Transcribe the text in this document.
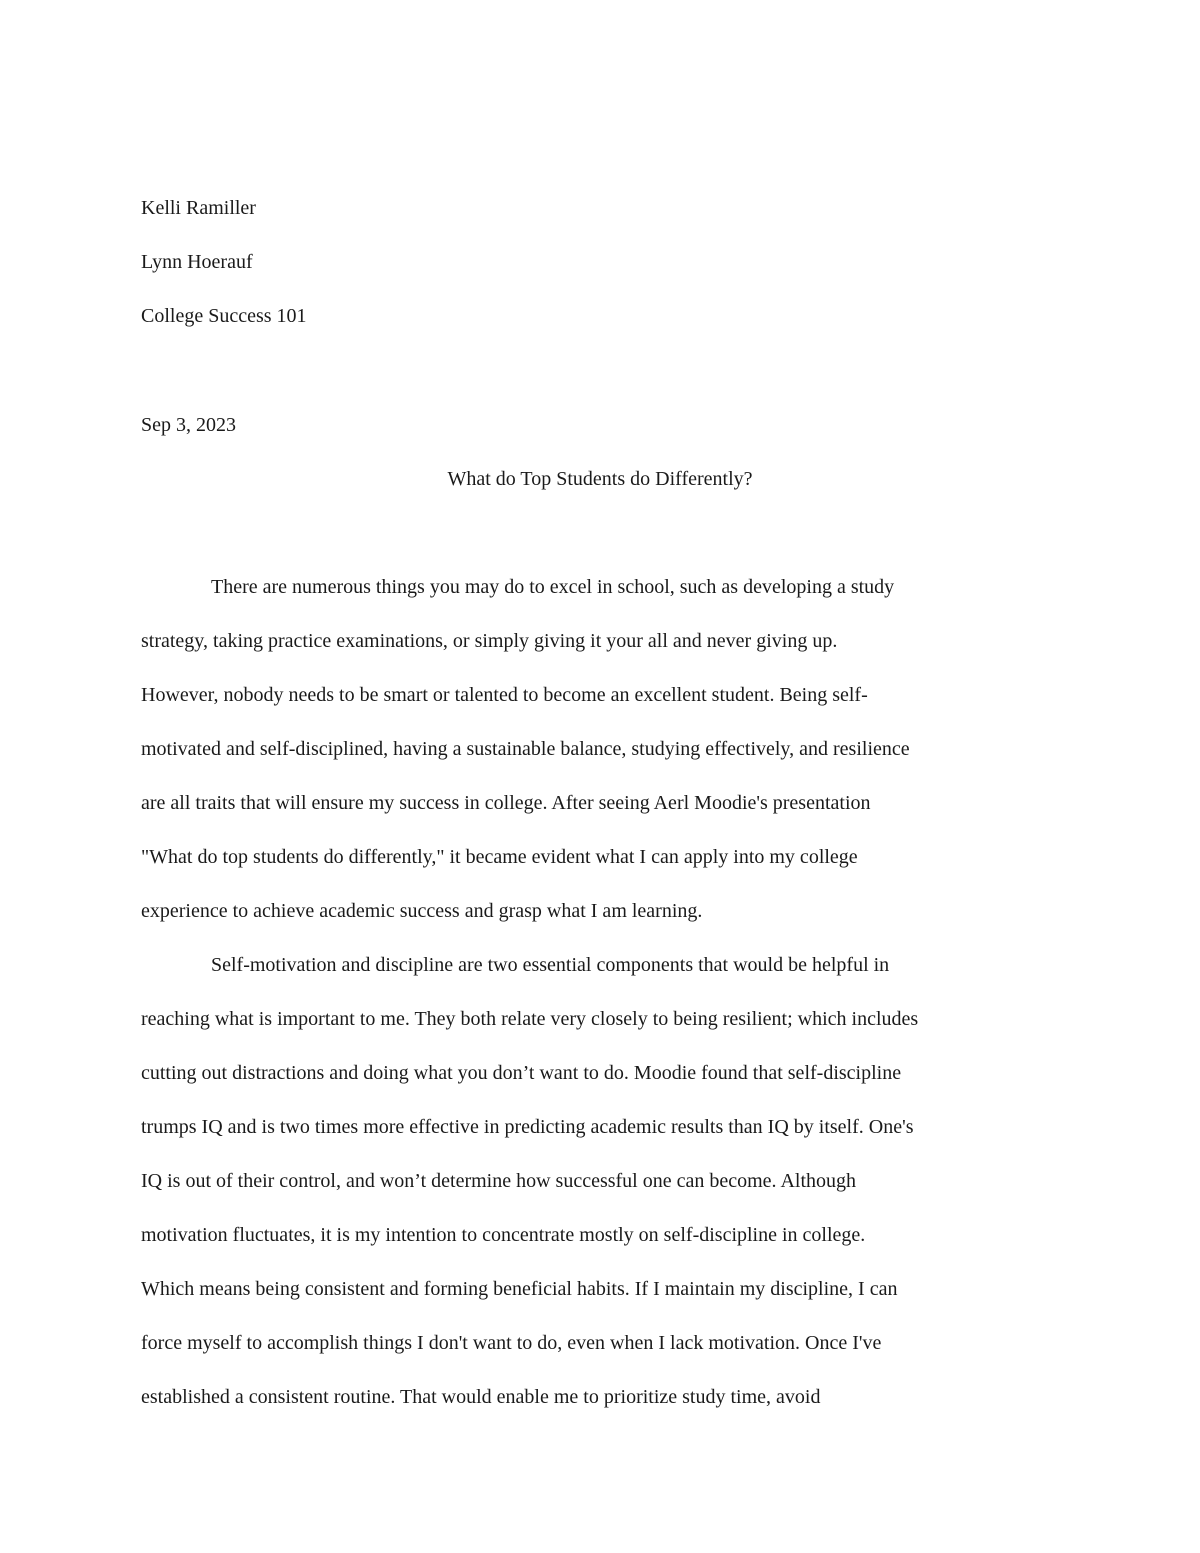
Kelli Ramiller
Lynn Hoerauf
College Success 101
Sep 3, 2023
What do Top Students do Differently?
There are numerous things you may do to excel in school, such as developing a study
strategy, taking practice examinations, or simply giving it your all and never giving up.
However, nobody needs to be smart or talented to become an excellent student. Being self-
motivated and self-disciplined, having a sustainable balance, studying effectively, and resilience
are all traits that will ensure my success in college. After seeing Aerl Moodie's presentation
"What do top students do differently," it became evident what I can apply into my college
experience to achieve academic success and grasp what I am learning.
Self-motivation and discipline are two essential components that would be helpful in
reaching what is important to me. They both relate very closely to being resilient; which includes
cutting out distractions and doing what you don’t want to do. Moodie found that self-discipline
trumps IQ and is two times more effective in predicting academic results than IQ by itself. One's
IQ is out of their control, and won’t determine how successful one can become. Although
motivation fluctuates, it is my intention to concentrate mostly on self-discipline in college.
Which means being consistent and forming beneficial habits. If I maintain my discipline, I can
force myself to accomplish things I don't want to do, even when I lack motivation. Once I've
established a consistent routine. That would enable me to prioritize study time, avoid
